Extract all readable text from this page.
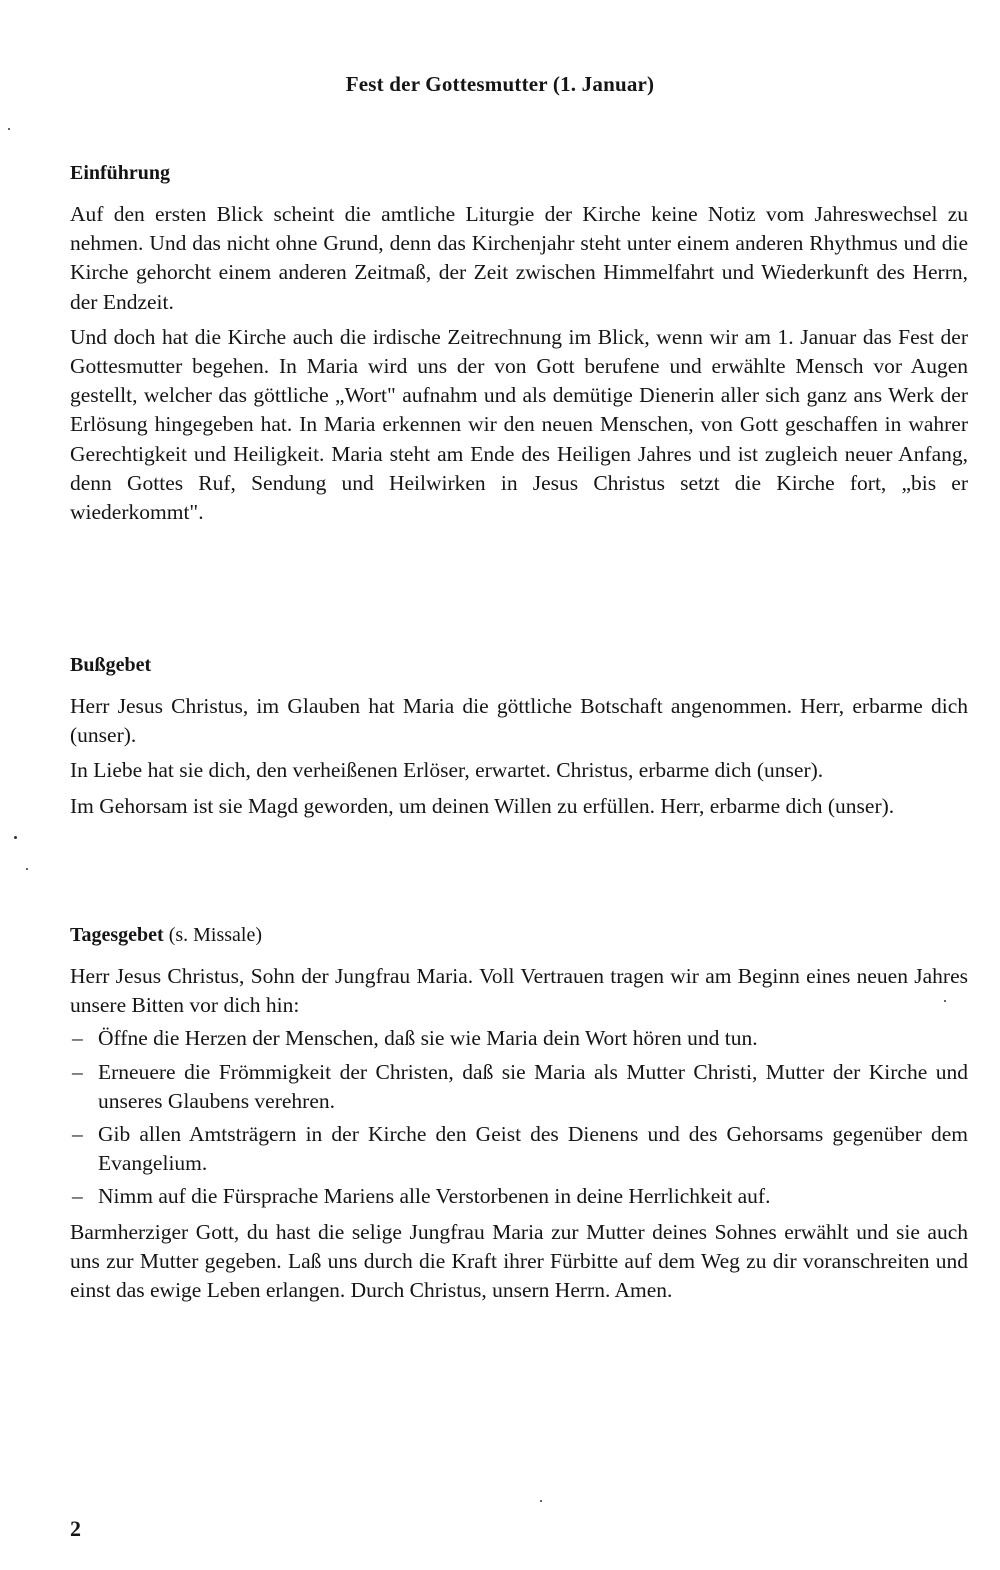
Fest der Gottesmutter (1. Januar)
Einführung

Auf den ersten Blick scheint die amtliche Liturgie der Kirche keine Notiz vom Jahreswechsel zu nehmen. Und das nicht ohne Grund, denn das Kirchenjahr steht unter einem anderen Rhythmus und die Kirche gehorcht einem anderen Zeitmaß, der Zeit zwischen Himmelfahrt und Wiederkunft des Herrn, der Endzeit.

Und doch hat die Kirche auch die irdische Zeitrechnung im Blick, wenn wir am 1. Januar das Fest der Gottesmutter begehen. In Maria wird uns der von Gott berufene und erwählte Mensch vor Augen gestellt, welcher das göttliche „Wort" aufnahm und als demütige Dienerin aller sich ganz ans Werk der Erlösung hingegeben hat. In Maria erkennen wir den neuen Menschen, von Gott geschaffen in wahrer Gerechtigkeit und Heiligkeit. Maria steht am Ende des Heiligen Jahres und ist zugleich neuer Anfang, denn Gottes Ruf, Sendung und Heilwirken in Jesus Christus setzt die Kirche fort, „bis er wiederkommt".

Bußgebet

Herr Jesus Christus, im Glauben hat Maria die göttliche Botschaft angenommen. Herr, erbarme dich (unser).

In Liebe hat sie dich, den verheißenen Erlöser, erwartet. Christus, erbarme dich (unser).

Im Gehorsam ist sie Magd geworden, um deinen Willen zu erfüllen. Herr, erbarme dich (unser).

Tagesgebet (s. Missale)

Herr Jesus Christus, Sohn der Jungfrau Maria. Voll Vertrauen tragen wir am Beginn eines neuen Jahres unsere Bitten vor dich hin:

– Öffne die Herzen der Menschen, daß sie wie Maria dein Wort hören und tun.
– Erneuere die Frömmigkeit der Christen, daß sie Maria als Mutter Christi, Mutter der Kirche und unseres Glaubens verehren.
– Gib allen Amtsträgern in der Kirche den Geist des Dienens und des Gehorsams gegenüber dem Evangelium.
– Nimm auf die Fürsprache Mariens alle Verstorbenen in deine Herrlichkeit auf.

Barmherziger Gott, du hast die selige Jungfrau Maria zur Mutter deines Sohnes erwählt und sie auch uns zur Mutter gegeben. Laß uns durch die Kraft ihrer Fürbitte auf dem Weg zu dir voranschreiten und einst das ewige Leben erlangen. Durch Christus, unsern Herrn. Amen.

2
